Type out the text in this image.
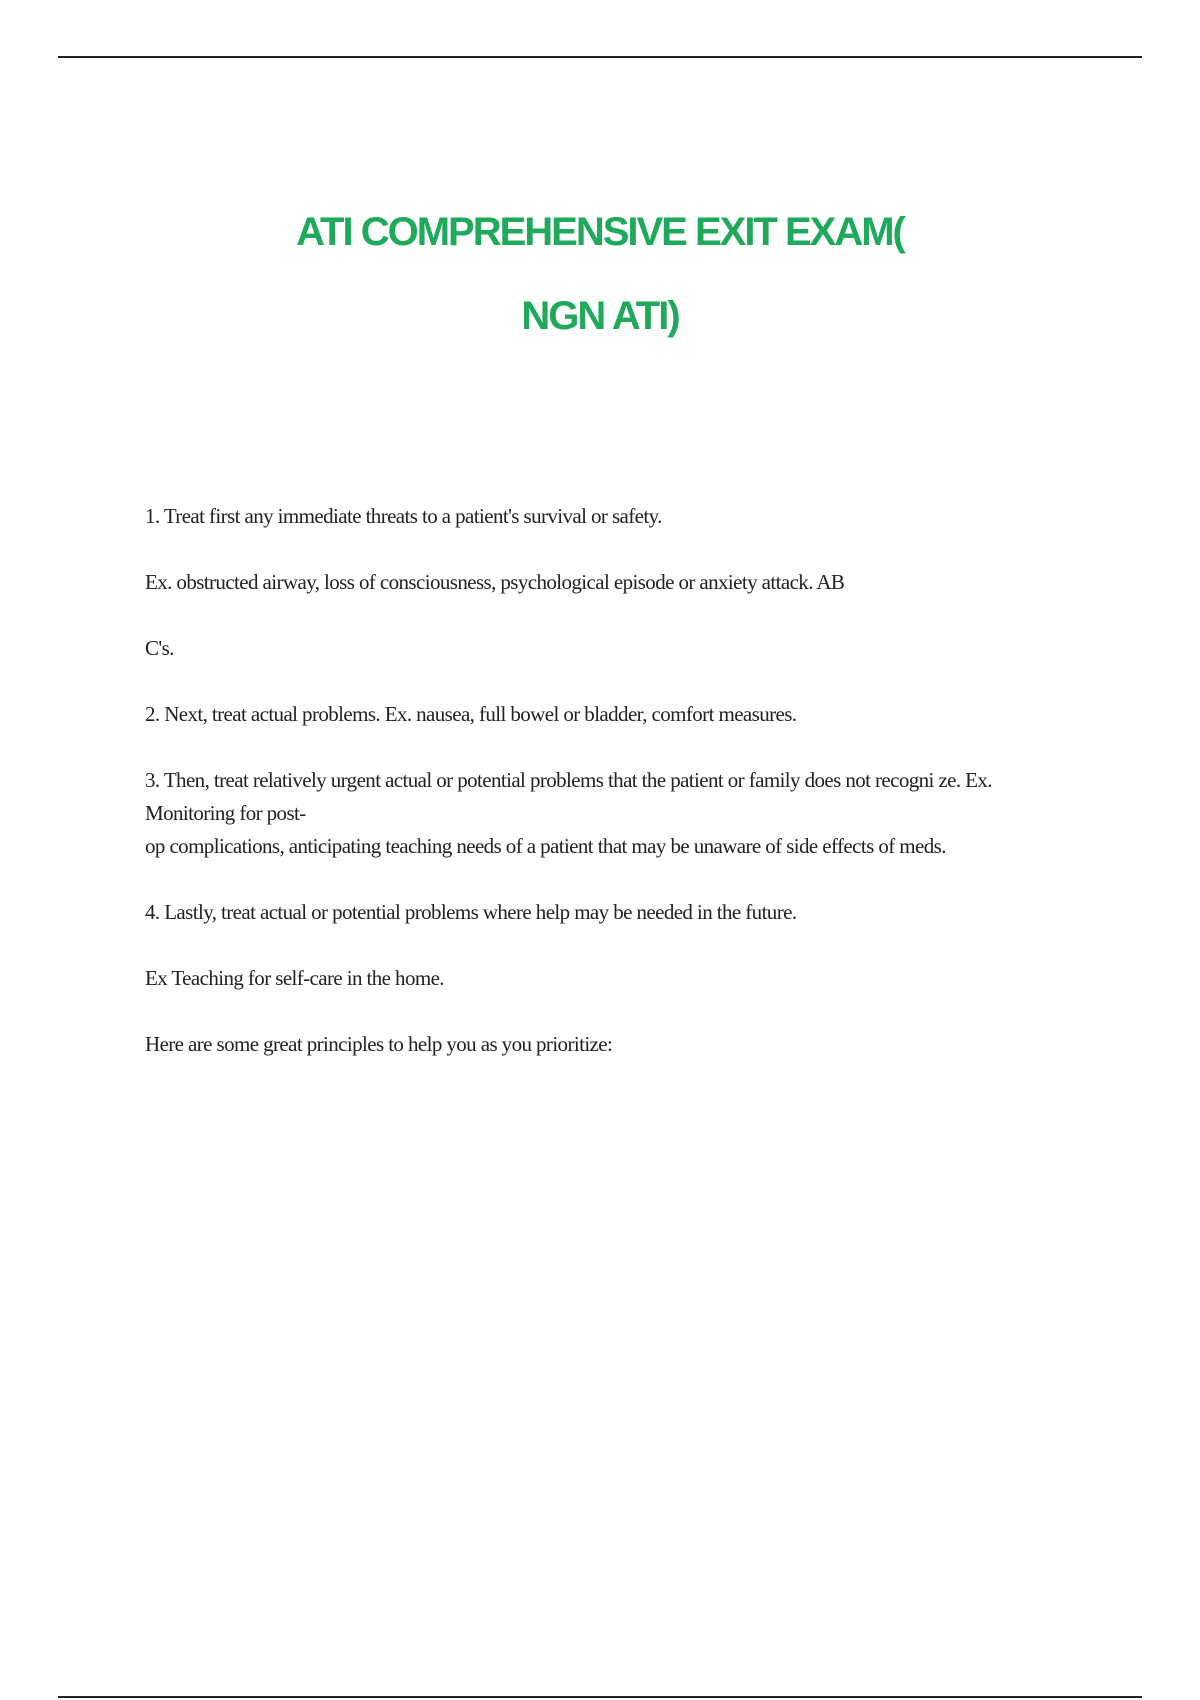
ATI COMPREHENSIVE EXIT EXAM(
NGN ATI)

1. Treat first any immediate threats to a patient's survival or safety.

Ex. obstructed airway, loss of consciousness, psychological episode or anxiety attack. AB

C's.

2. Next, treat actual problems. Ex. nausea, full bowel or bladder, comfort measures.

3. Then, treat relatively urgent actual or potential problems that the patient or family does not recogni ze. Ex. Monitoring for post-

op complications, anticipating teaching needs of a patient that may be unaware of side effects of meds.

4. Lastly, treat actual or potential problems where help may be needed in the future.

Ex Teaching for self-care in the home.

Here are some great principles to help you as you prioritize:
